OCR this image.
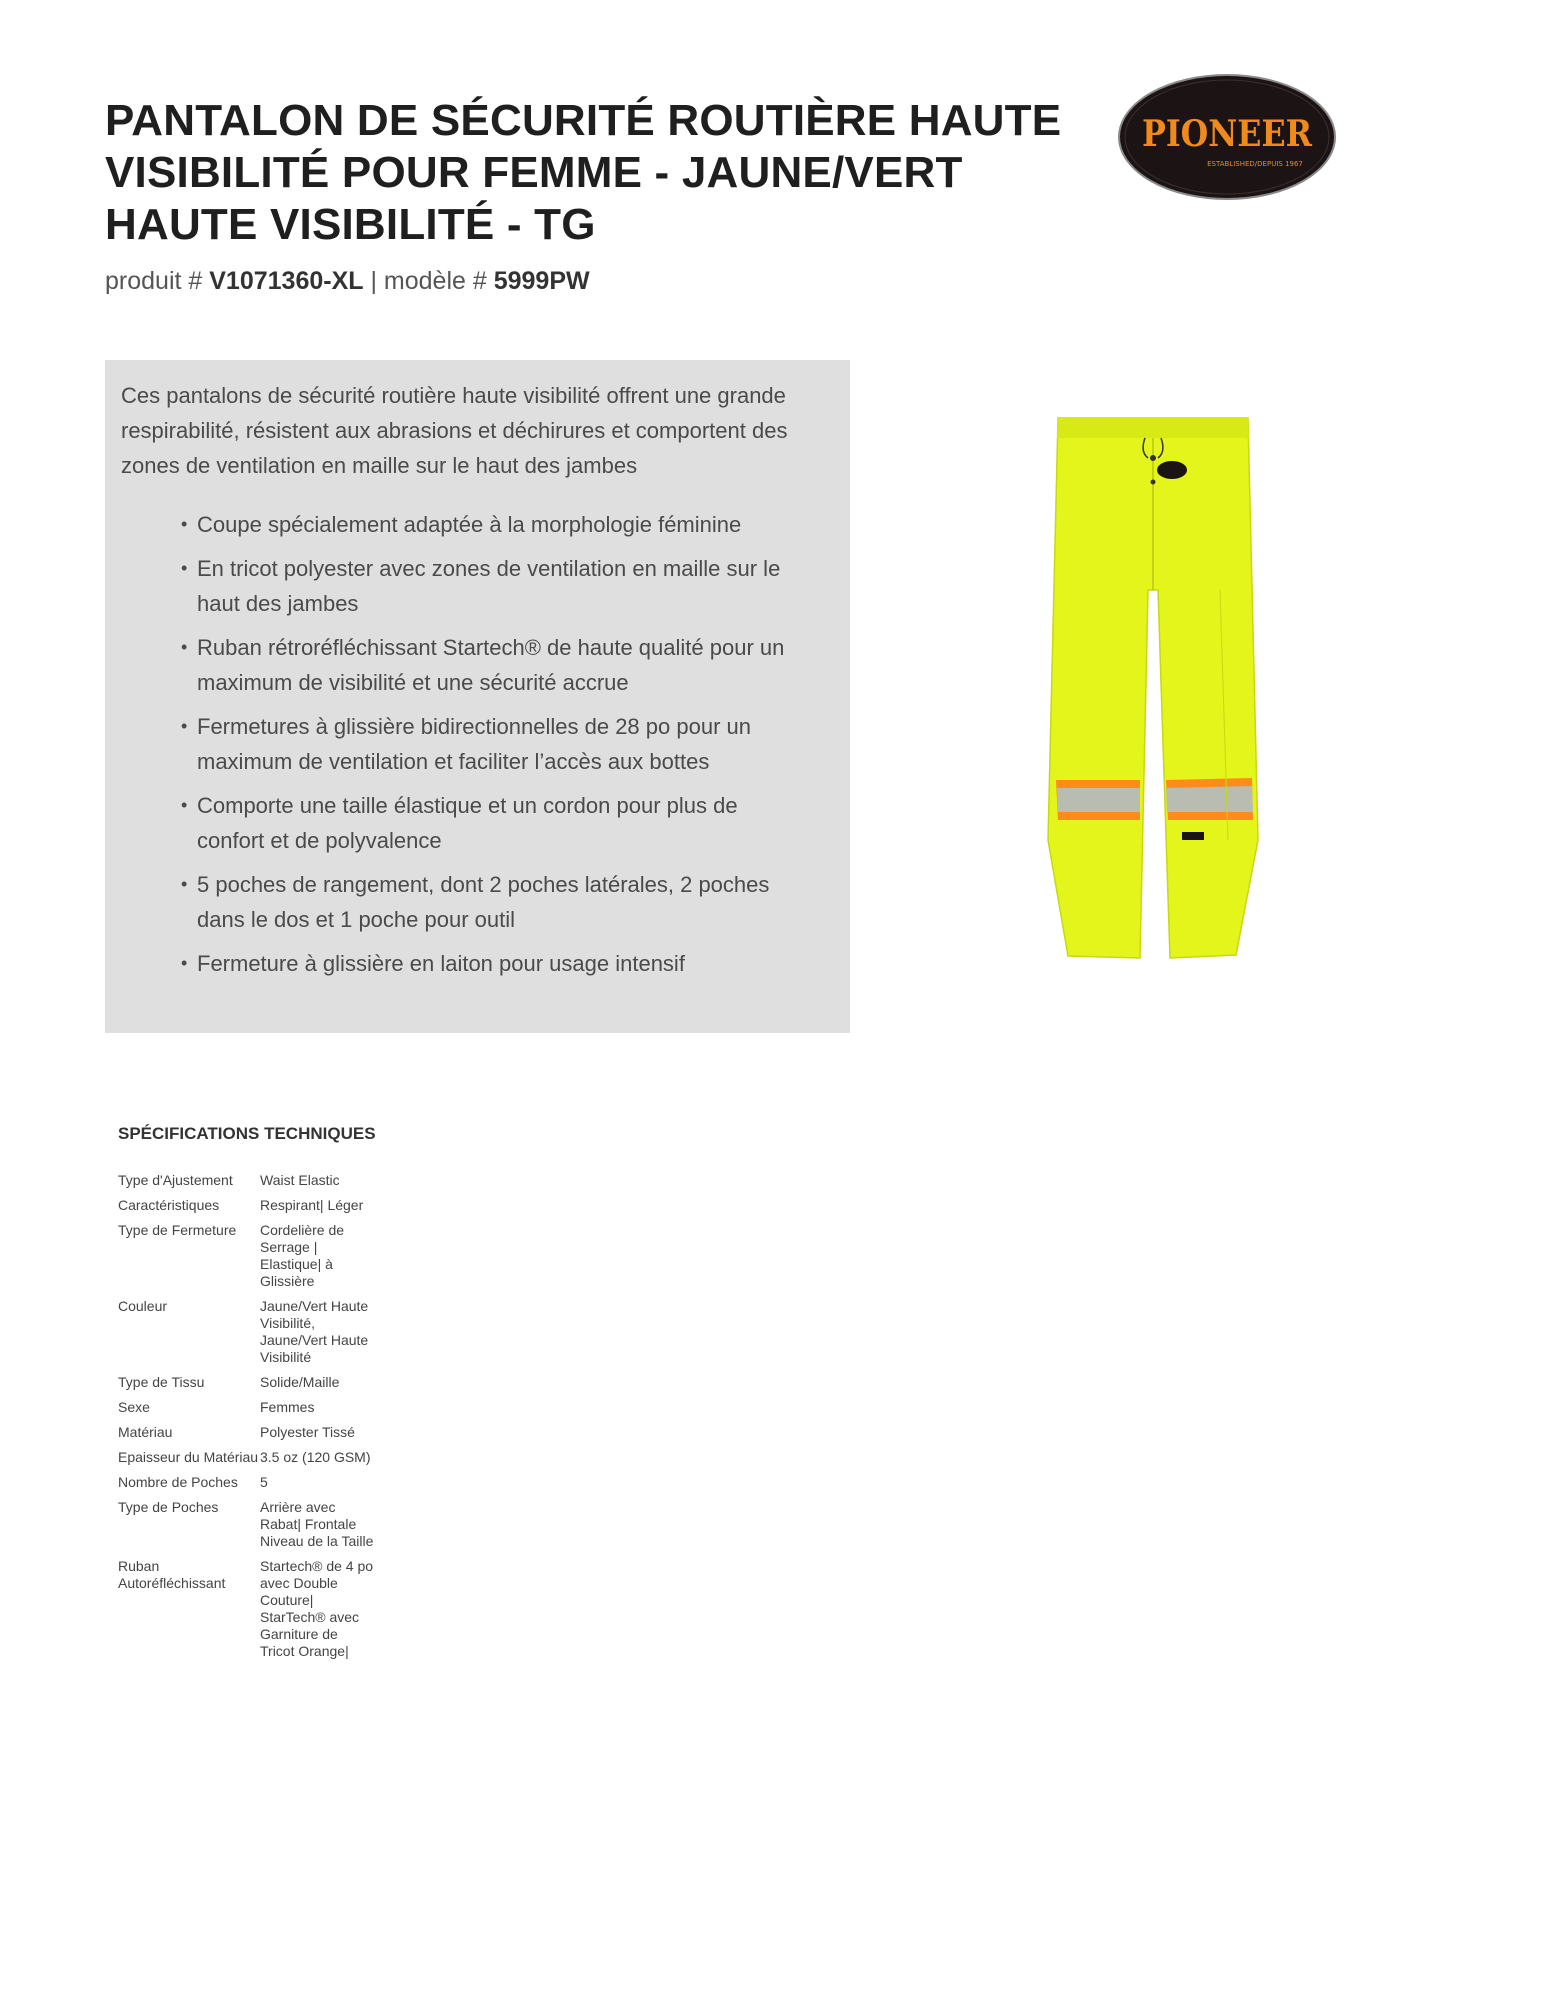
PANTALON DE SÉCURITÉ ROUTIÈRE HAUTE VISIBILITÉ POUR FEMME - JAUNE/VERT HAUTE VISIBILITÉ - TG

produit # V1071360-XL | modèle # 5999PW

PIONEER
ESTABLISHED/DEPUIS 1967

Ces pantalons de sécurité routière haute visibilité offrent une grande respirabilité, résistent aux abrasions et déchirures et comportent des zones de ventilation en maille sur le haut des jambes

• Coupe spécialement adaptée à la morphologie féminine
• En tricot polyester avec zones de ventilation en maille sur le haut des jambes
• Ruban rétroréfléchissant Startech® de haute qualité pour un maximum de visibilité et une sécurité accrue
• Fermetures à glissière bidirectionnelles de 28 po pour un maximum de ventilation et faciliter l’accès aux bottes
• Comporte une taille élastique et un cordon pour plus de confort et de polyvalence
• 5 poches de rangement, dont 2 poches latérales, 2 poches dans le dos et 1 poche pour outil
• Fermeture à glissière en laiton pour usage intensif
SPÉCIFICATIONS TECHNIQUES
Type d'Ajustement	Waist Elastic
Caractéristiques	Respirant| Léger
Type de Fermeture	Cordelière de Serrage | Elastique| à Glissière
Couleur	Jaune/Vert Haute Visibilité, Jaune/Vert Haute Visibilité
Type de Tissu	Solide/Maille
Sexe	Femmes
Matériau	Polyester Tissé
Epaisseur du Matériau	3.5 oz (120 GSM)
Nombre de Poches	5
Type de Poches	Arrière avec Rabat| Frontale Niveau de la Taille
Ruban Autoréfléchissant	Startech® de 4 po avec Double Couture| StarTech® avec Garniture de Tricot Orange|
